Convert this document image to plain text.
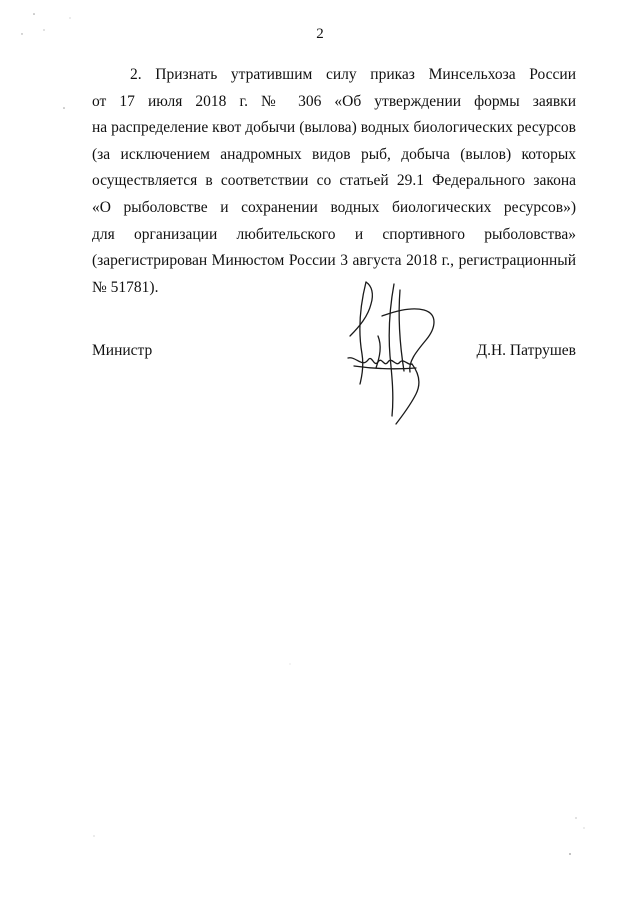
2
2. Признать утратившим силу приказ Минсельхоза России
от 17 июля 2018 г. № 306 «Об утверждении формы заявки
на распределение квот добычи (вылова) водных биологических ресурсов
(за исключением анадромных видов рыб, добыча (вылов) которых
осуществляется в соответствии со статьей 29.1 Федерального закона
«О рыболовстве и сохранении водных биологических ресурсов»)
для организации любительского и спортивного рыболовства»
(зарегистрирован Минюстом России 3 августа 2018 г., регистрационный
№ 51781).
Министр	Д.Н. Патрушев
